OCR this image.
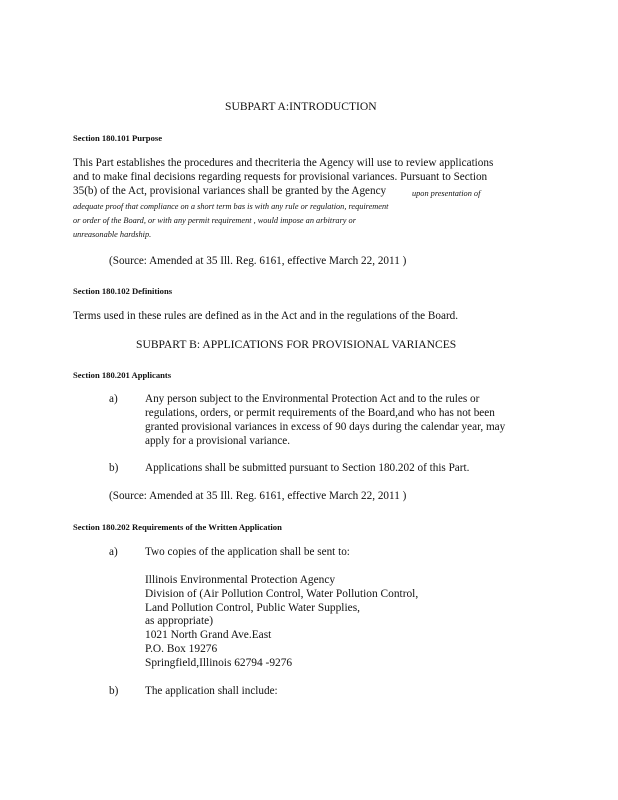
SUBPART A:INTRODUCTION
Section 180.101 Purpose
This Part establishes the procedures and thecriteria the Agency will use to review applications
and to make final decisions regarding requests for provisional variances. Pursuant to Section
35(b) of the Act, provisional variances shall be granted by the Agency	upon presentation of
adequate proof that compliance on a short term bas is with any rule or regulation, requirement
or order of the Board, or with any permit requirement , would impose an arbitrary or
unreasonable hardship.
(Source: Amended at 35 Ill. Reg. 6161, effective March 22, 2011 )
Section 180.102 Definitions
Terms used in these rules are defined as in the Act and in the regulations of the Board.
SUBPART B: APPLICATIONS FOR PROVISIONAL VARIANCES
Section 180.201 Applicants
a) Any person subject to the Environmental Protection Act and to the rules or
regulations, orders, or permit requirements of the Board,and who has not been
granted provisional variances in excess of 90 days during the calendar year, may
apply for a provisional variance.
b) Applications shall be submitted pursuant to Section 180.202 of this Part.
(Source: Amended at 35 Ill. Reg. 6161, effective March 22, 2011 )
Section 180.202 Requirements of the Written Application
a) Two copies of the application shall be sent to:
Illinois Environmental Protection Agency
Division of (Air Pollution Control, Water Pollution Control,
Land Pollution Control, Public Water Supplies,
as appropriate)
1021 North Grand Ave.East
P.O. Box 19276
Springfield,Illinois 62794 -9276
b) The application shall include:
